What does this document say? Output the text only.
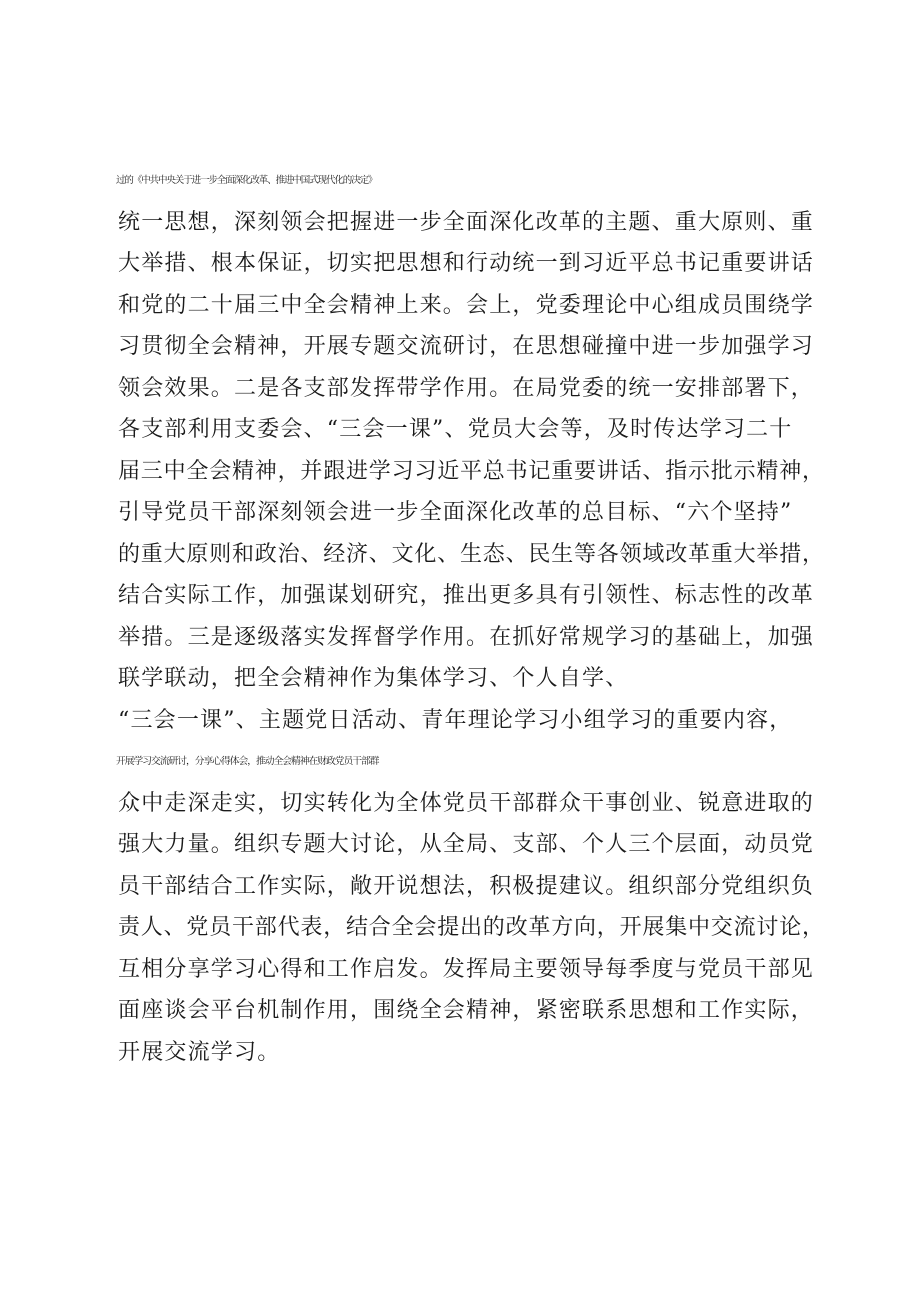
过的《中共中央关于进一步全面深化改革、推进中国式现代化的决定》
统一思想，深刻领会把握进一步全面深化改革的主题、重大原则、重
大举措、根本保证，切实把思想和行动统一到习近平总书记重要讲话
和党的二十届三中全会精神上来。会上，党委理论中心组成员围绕学
习贯彻全会精神，开展专题交流研讨，在思想碰撞中进一步加强学习
领会效果。二是各支部发挥带学作用。在局党委的统一安排部署下，
各支部利用支委会、“三会一课”、党员大会等，及时传达学习二十
届三中全会精神，并跟进学习习近平总书记重要讲话、指示批示精神，
引导党员干部深刻领会进一步全面深化改革的总目标、“六个坚持”
的重大原则和政治、经济、文化、生态、民生等各领域改革重大举措，
结合实际工作，加强谋划研究，推出更多具有引领性、标志性的改革
举措。三是逐级落实发挥督学作用。在抓好常规学习的基础上，加强
联学联动，把全会精神作为集体学习、个人自学、
“三会一课”、主题党日活动、青年理论学习小组学习的重要内容，
开展学习交流研讨，分享心得体会，推动全会精神在财政党员干部群
众中走深走实，切实转化为全体党员干部群众干事创业、锐意进取的
强大力量。组织专题大讨论，从全局、支部、个人三个层面，动员党
员干部结合工作实际，敞开说想法，积极提建议。组织部分党组织负
责人、党员干部代表，结合全会提出的改革方向，开展集中交流讨论，
互相分享学习心得和工作启发。发挥局主要领导每季度与党员干部见
面座谈会平台机制作用，围绕全会精神，紧密联系思想和工作实际，
开展交流学习。
